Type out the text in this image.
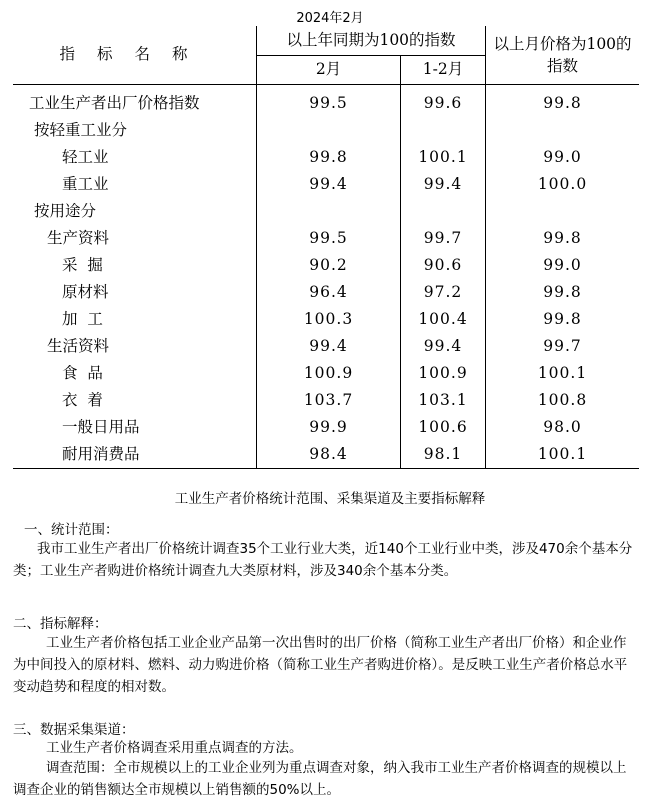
2024年2月
指标名称	以上年同期为100的指数		以上月价格为100的指数
	2月	1-2月	

工业生产者出厂价格指数	99.5	99.6	99.8
按轻重工业分			
轻工业	99.8	100.1	99.0
重工业	99.4	99.4	100.0
按用途分			
生产资料	99.5	99.7	99.8
采  掘	90.2	90.6	99.0
原材料	96.4	97.2	99.8
加  工	100.3	100.4	99.8
生活资料	99.4	99.4	99.7
食  品	100.9	100.9	100.1
衣  着	103.7	103.1	100.8
一般日用品	99.9	100.6	98.0
耐用消费品	98.4	98.1	100.1
工业生产者价格统计范围、采集渠道及主要指标解释
一、统计范围：
我市工业生产者出厂价格统计调查35个工业行业大类，近140个工业行业中类，涉及470余个基本分类；工业生产者购进价格统计调查九大类原材料，涉及340余个基本分类。
二、指标解释：
工业生产者价格包括工业企业产品第一次出售时的出厂价格（简称工业生产者出厂价格）和企业作为中间投入的原材料、燃料、动力购进价格（简称工业生产者购进价格）。是反映工业生产者价格总水平变动趋势和程度的相对数。
三、数据采集渠道：
工业生产者价格调查采用重点调查的方法。
调查范围：全市规模以上的工业企业列为重点调查对象，纳入我市工业生产者价格调查的规模以上调查企业的销售额达全市规模以上销售额的50%以上。
